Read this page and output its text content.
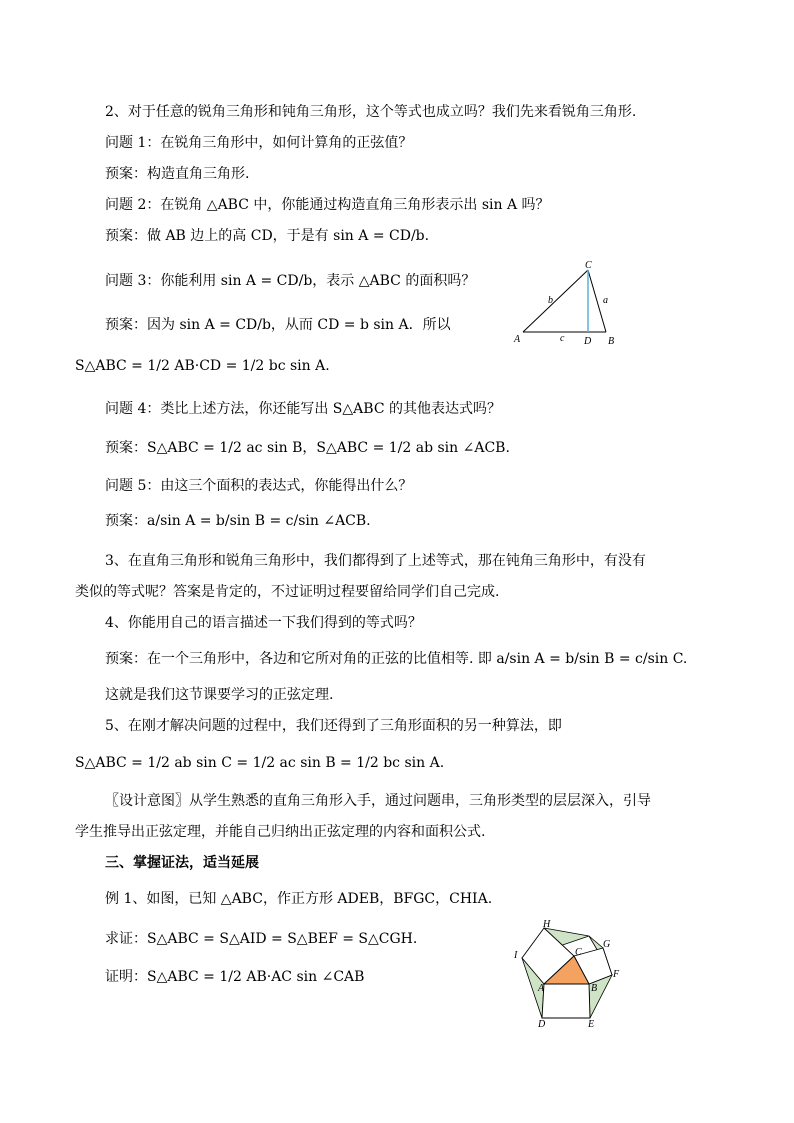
2、对于任意的锐角三角形和钝角三角形，这个等式也成立吗？我们先来看锐角三角形.
问题 1：在锐角三角形中，如何计算角的正弦值？
预案：构造直角三角形.
问题 2：在锐角 △ABC 中，你能通过构造直角三角形表示出 sin A 吗？
预案：做 AB 边上的高 CD，于是有 sin A = CD/b.
问题 3：你能利用 sin A = CD/b，表示 △ABC 的面积吗？
预案：因为 sin A = CD/b，从而 CD = b sin A．所以
S△ABC = 1/2 AB·CD = 1/2 bc sin A.
C
a
b
A	c D B
问题 4：类比上述方法，你还能写出 S△ABC 的其他表达式吗？
预案：S△ABC = 1/2 ac sin B，S△ABC = 1/2 ab sin ∠ACB.
问题 5：由这三个面积的表达式，你能得出什么？
预案：a/sin A = b/sin B = c/sin ∠ACB.
3、在直角三角形和锐角三角形中，我们都得到了上述等式，那在钝角三角形中，有没有
类似的等式呢？答案是肯定的，不过证明过程要留给同学们自己完成.
4、你能用自己的语言描述一下我们得到的等式吗？
预案：在一个三角形中，各边和它所对角的正弦的比值相等. 即 a/sin A = b/sin B = c/sin C.
这就是我们这节课要学习的正弦定理.
5、在刚才解决问题的过程中，我们还得到了三角形面积的另一种算法，即
S△ABC = 1/2 ab sin C = 1/2 ac sin B = 1/2 bc sin A.
〖设计意图〗从学生熟悉的直角三角形入手，通过问题串，三角形类型的层层深入，引导
学生推导出正弦定理，并能自己归纳出正弦定理的内容和面积公式.
三、掌握证法，适当延展
例 1、如图，已知 △ABC，作正方形 ADEB，BFGC，CHIA.
求证：S△ABC = S△AID = S△BEF = S△CGH.
证明：S△ABC = 1/2 AB·AC sin ∠CAB
H
G
I	C
F
A	B
D	E
